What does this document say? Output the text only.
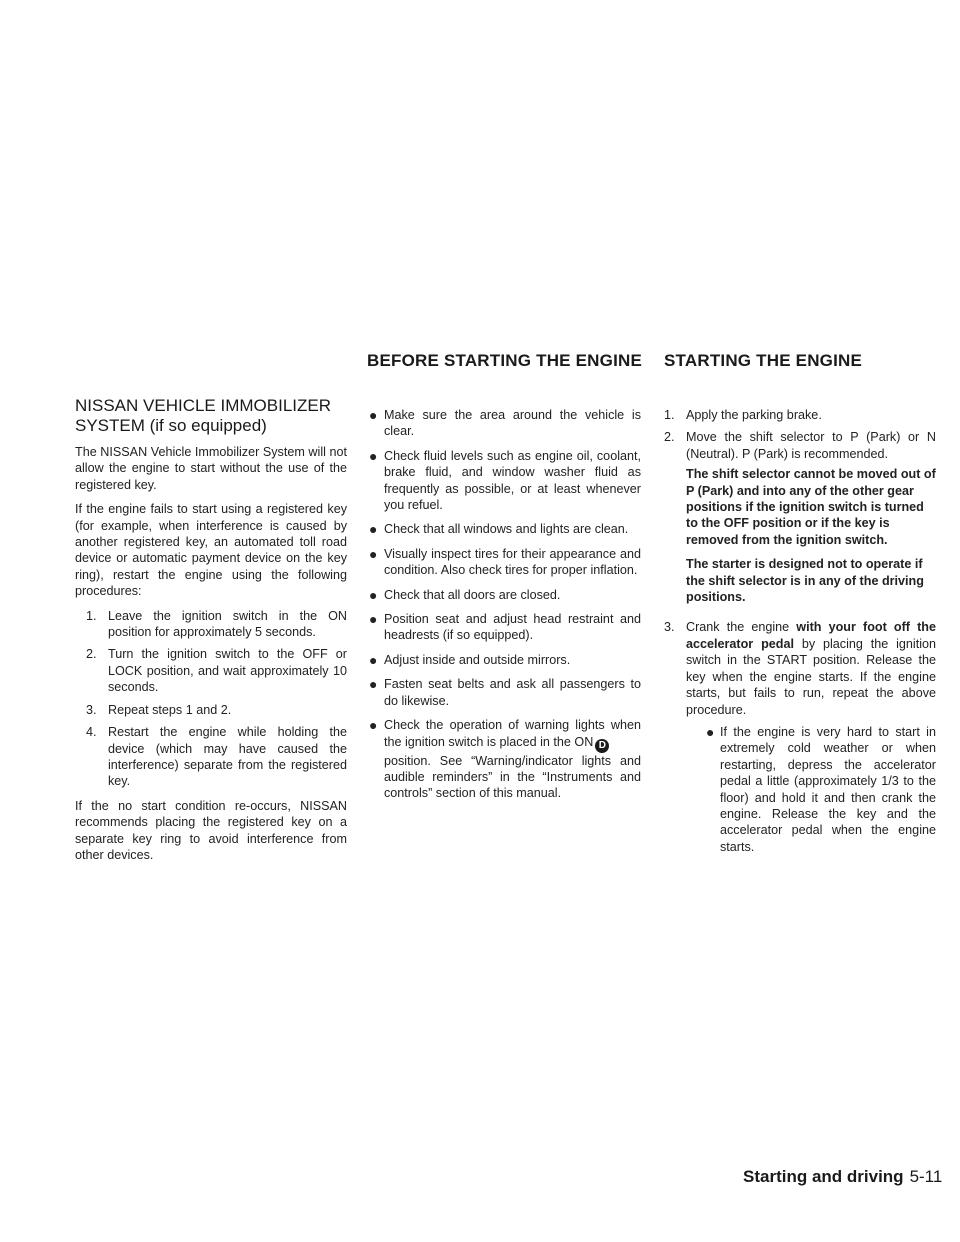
BEFORE STARTING THE ENGINE STARTING THE ENGINE
NISSAN VEHICLE IMMOBILIZER
SYSTEM (if so equipped)

The NISSAN Vehicle Immobilizer System will not allow the engine to start without the use of the registered key.

If the engine fails to start using a registered key (for example, when interference is caused by another registered key, an automated toll road device or automatic payment device on the key ring), restart the engine using the following procedures:

1. Leave the ignition switch in the ON position for approximately 5 seconds.
2. Turn the ignition switch to the OFF or LOCK position, and wait approximately 10 seconds.
3. Repeat steps 1 and 2.
4. Restart the engine while holding the device (which may have caused the interference) separate from the registered key.

If the no start condition re-occurs, NISSAN recommends placing the registered key on a separate key ring to avoid interference from other devices.

● Make sure the area around the vehicle is clear.
● Check fluid levels such as engine oil, coolant, brake fluid, and window washer fluid as frequently as possible, or at least whenever you refuel.
● Check that all windows and lights are clean.
● Visually inspect tires for their appearance and condition. Also check tires for proper inflation.
● Check that all doors are closed.
● Position seat and adjust head restraint and headrests (if so equipped).
● Adjust inside and outside mirrors.
● Fasten seat belts and ask all passengers to do likewise.
● Check the operation of warning lights when the ignition switch is placed in the ON D
position. See “Warning/indicator lights and audible reminders” in the “Instruments and controls” section of this manual.
1. Apply the parking brake.
2. Move the shift selector to P (Park) or N (Neutral). P (Park) is recommended.
The shift selector cannot be moved out of P (Park) and into any of the other gear positions if the ignition switch is turned to the OFF position or if the key is removed from the ignition switch.
The starter is designed not to operate if the shift selector is in any of the driving positions.
3. Crank the engine with your foot off the accelerator pedal by placing the ignition switch in the START position. Release the key when the engine starts. If the engine starts, but fails to run, repeat the above procedure.
● If the engine is very hard to start in extremely cold weather or when restarting, depress the accelerator pedal a little (approximately 1/3 to the floor) and hold it and then crank the engine. Release the key and the accelerator pedal when the engine starts.
Starting and driving 5-11
